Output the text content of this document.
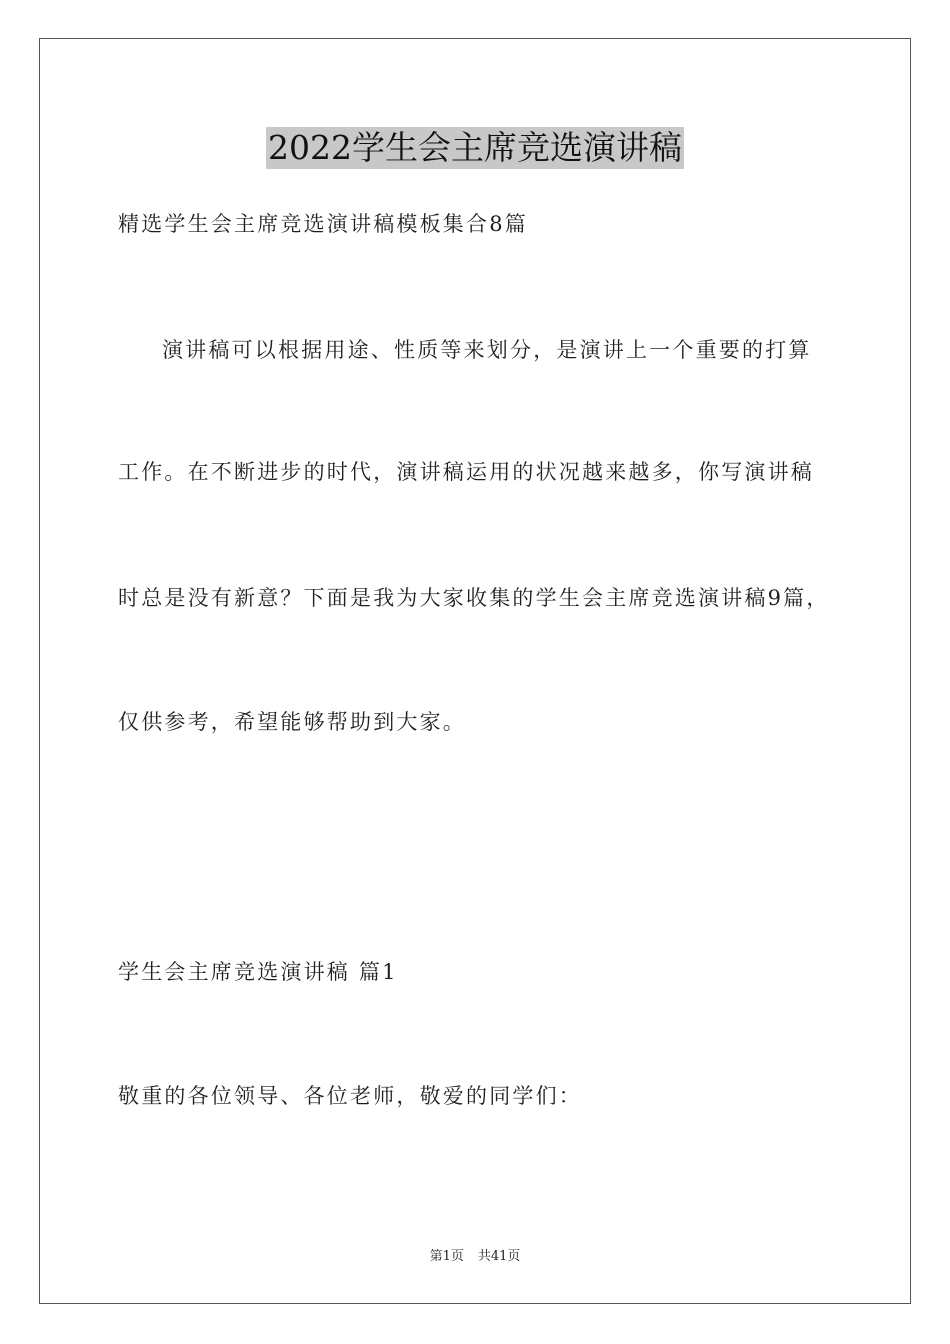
2022学生会主席竞选演讲稿
精选学生会主席竞选演讲稿模板集合8篇
演讲稿可以根据用途、性质等来划分，是演讲上一个重要的打算
工作。在不断进步的时代，演讲稿运用的状况越来越多，你写演讲稿
时总是没有新意？下面是我为大家收集的学生会主席竞选演讲稿9篇，
仅供参考，希望能够帮助到大家。
学生会主席竞选演讲稿 篇1
敬重的各位领导、各位老师，敬爱的同学们：
第1页 共41页
